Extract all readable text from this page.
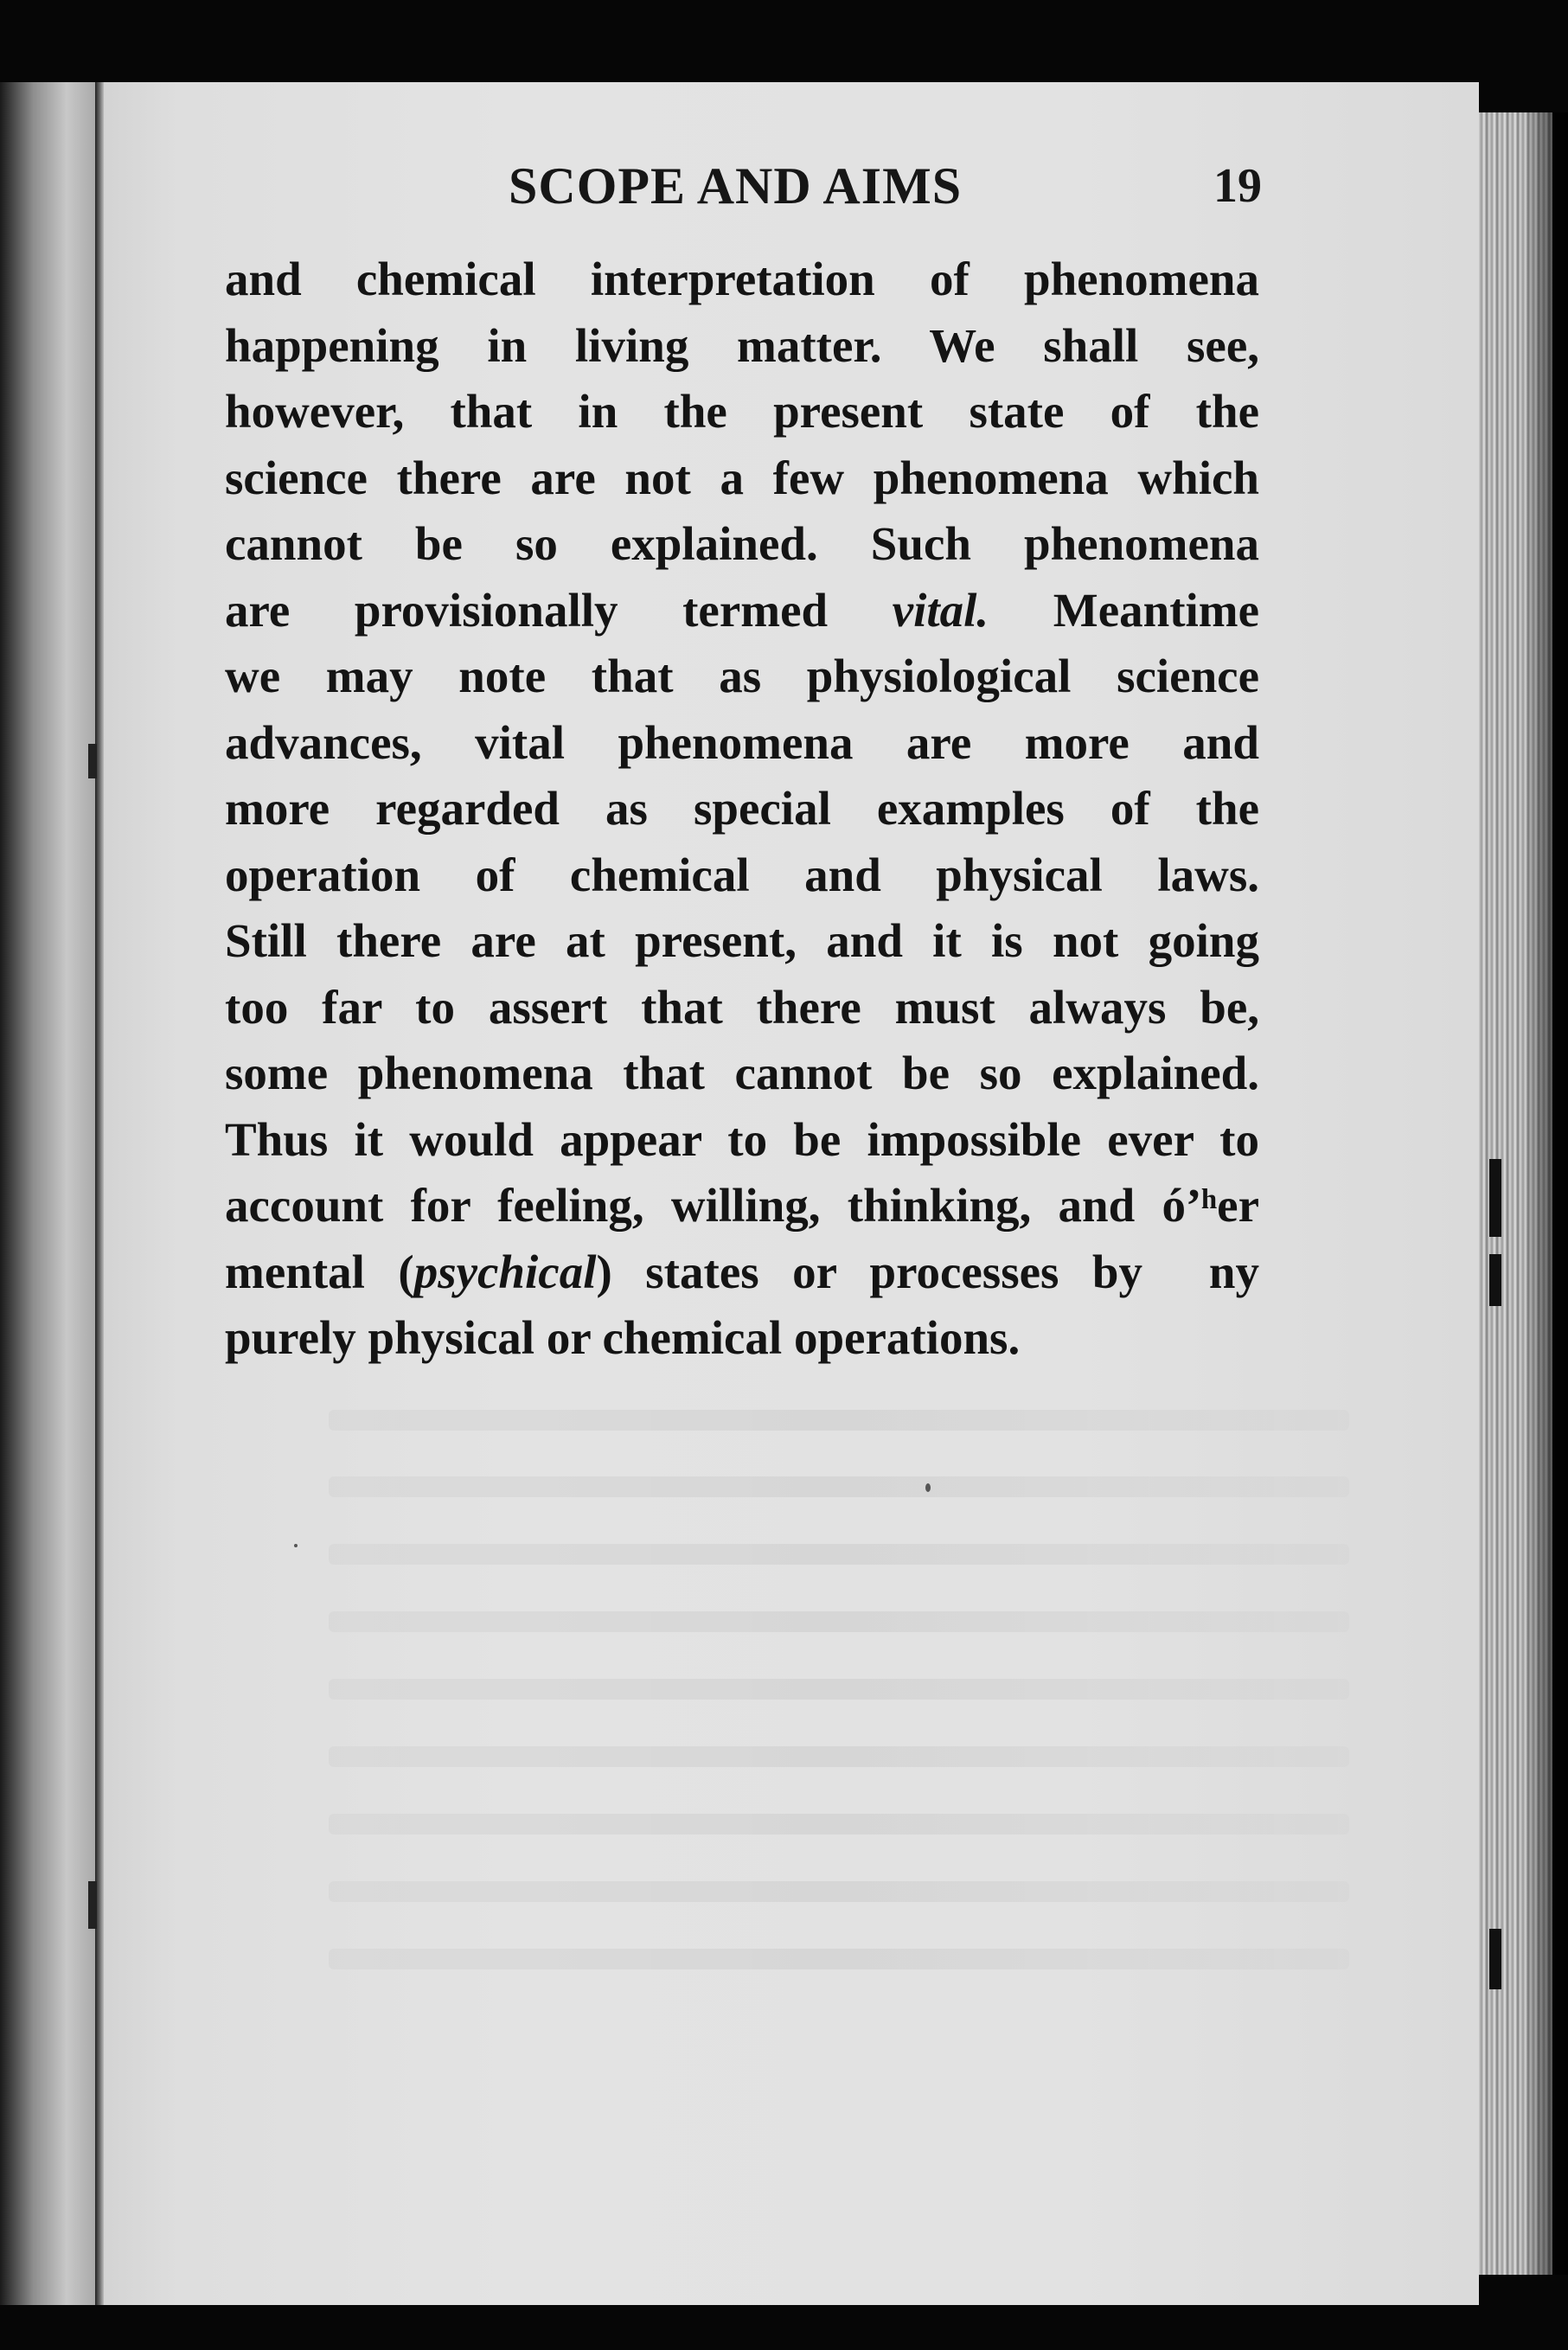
SCOPE AND AIMS	19
and chemical interpretation of phenomena
happening in living matter. We shall see,
however, that in the present state of the
science there are not a few phenomena which
cannot be so explained. Such phenomena
are provisionally termed vital. Meantime
we may note that as physiological science
advances, vital phenomena are more and
more regarded as special examples of the
operation of chemical and physical laws.
Still there are at present, and it is not going
too far to assert that there must always be,
some phenomena that cannot be so explained.
Thus it would appear to be impossible ever to
account for feeling, willing, thinking, and óʼʰer
mental (psychical) states or processes by  ny
purely physical or chemical operations.
